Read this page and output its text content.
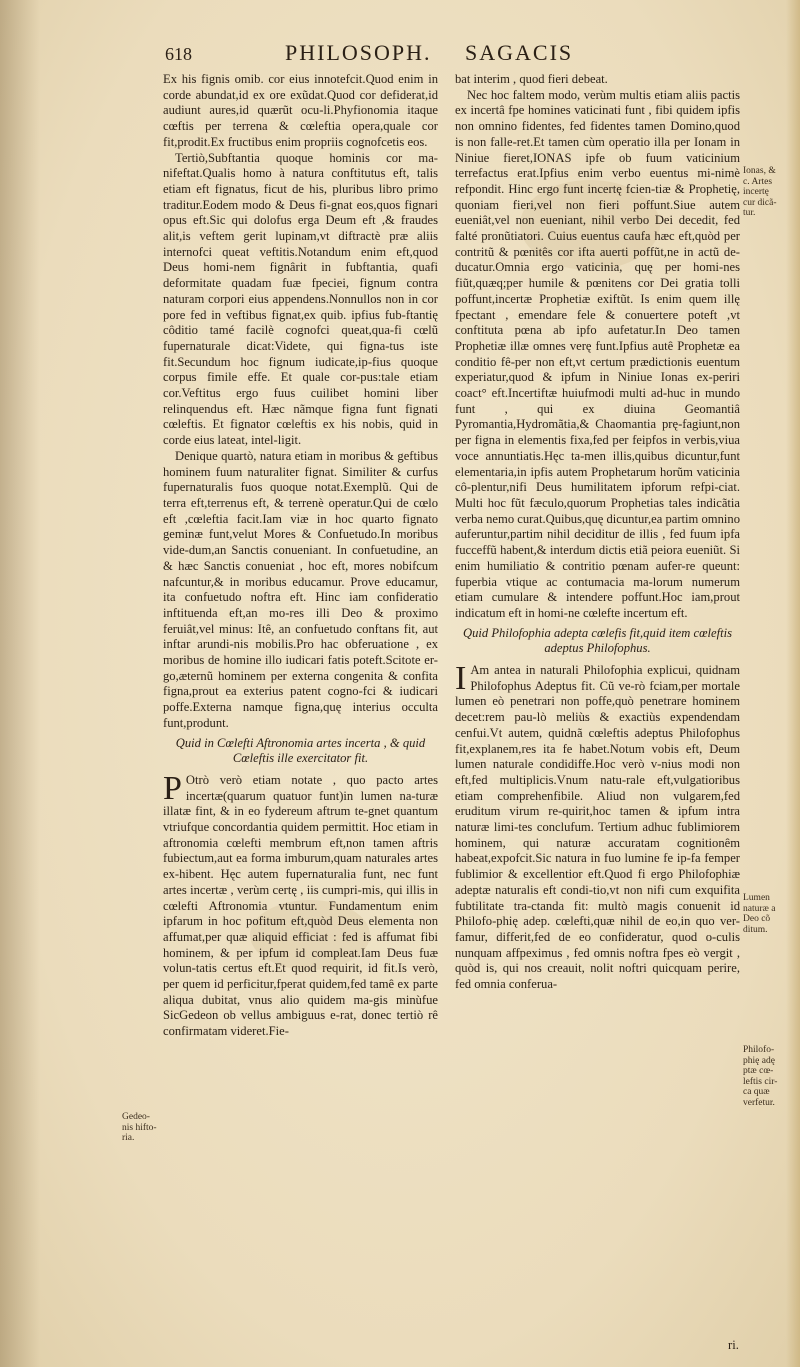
618	PHILOSOPH. SAGACIS

Ex his fignis omib. cor eius innotefcit.Quod enim in corde abundat,id ex ore exũdat.Quod cor defiderat,id audiunt aures,id quærũt ocu-li.Phyfionomia itaque cœftis per terrena & cœleftia opera,quale cor fit,prodit.Ex fructibus enim propriis cognofcetis eos.

Tertiò,Subftantia quoque hominis cor ma-nifeftat.Qualis homo à natura conftitutus eft, talis etiam eft fignatus, ficut de his, pluribus libro primo traditur.Eodem modo & Deus fi-gnat eos,quos fignari opus eft.Sic qui dolofus erga Deum eft ,& fraudes alit,is veftem gerit lupinam,vt diftractè præ aliis internofci queat veftitis.Notandum enim eft,quod Deus homi-nem fignârit in fubftantia, quafi deformitate quadam fuæ fpeciei, fignum contra naturam corpori eius appendens.Nonnullos non in cor pore fed in veftibus fignat,ex quib. ipfius fub-ftantię côditio tamé facilè cognofci queat,qua-fi cœlũ fupernaturale dicat:Videte, qui figna-tus iste fit.Secundum hoc fignum iudicate,ip-fius quoque corpus fimile effe. Et quale cor-pus:tale etiam cor.Veftitus ergo fuus cuilibet homini liber relinquendus eft. Hæc nãmque figna funt fignati cœleftis. Et fignator cœleftis ex his nobis, quid in corde eius lateat, intel-ligit.

Denique quartò, natura etiam in moribus & geftibus hominem fuum naturaliter fignat. Similiter & curfus fupernaturalis fuos quoque notat.Exemplũ. Qui de terra eft,terrenus eft, & terrenè operatur.Qui de cœlo eft ,cœleftia facit.Iam viæ in hoc quarto fignato geminæ funt,velut Mores & Confuetudo.In moribus vide-dum,an Sanctis conueniant. In confuetudine, an & hæc Sanctis conueniat , hoc eft, mores nobifcum nafcuntur,& in moribus educamur. Prove educamur, ita confuetudo noftra eft. Hinc iam confideratio inftituenda eft,an mo-res illi Deo & proximo feruiât,vel minus: Itê, an confuetudo conftans fit, aut inftar arundi-nis mobilis.Pro hac obferuatione , ex moribus de homine illo iudicari fatis poteft.Scitote er-go,æternũ hominem per externa congenita & confita figna,prout ea exterius patent cogno-fci & iudicari poffe.Externa namque figna,quę interius occulta funt,produnt.

Quid in Cœlefti Aftronomia artes incerta , & quid Cœleftis ille exercitator fit.

P Otrò verò etiam notate , quo pacto artes incertæ(quarum quatuor funt)in lumen na-turæ illatæ fint, & in eo fydereum aftrum te-gnet quantum vtriufque concordantia quidem permittit. Hoc etiam in aftronomia cœlefti membrum eft,non tamen aftris fubiectum,aut ea forma imburum,quam naturales artes ex-hibent. Hęc autem fupernaturalia funt, nec funt artes incertæ , verùm certę , iis cumpri-mis, qui illis in cœlefti Aftronomia vtuntur. Fundamentum enim ipfarum in hoc pofitum eft,quòd Deus elementa non affumat,per quæ aliquid efficiat : fed is affumat fibi hominem, & per ipfum id compleat.Iam Deus fuæ volun-tatis certus eft.Et quod requirit, id fit.Is verò, per quem id perficitur,fperat quidem,fed tamê ex parte aliqua dubitat, vnus alio quidem ma-gis minùfue SicGedeon ob vellus ambiguus e-rat, donec tertiò rê confirmatam videret.Fie-

Gedeo-nis hifto-ria.

bat interim , quod fieri debeat.

Nec hoc faltem modo, verùm multis etiam aliis pactis ex incertâ fpe homines vaticinati funt , fibi quidem ipfis non omnino fidentes, fed fidentes tamen Domino,quod is non falle-ret.Et tamen cùm operatio illa per Ionam in Niniue fieret,IONAS ipfe ob fuum vaticinium terrefactus erat.Ipfius enim verbo euentus mi-nimè refpondit. Hinc ergo funt incertę fcien-tiæ & Prophetię, quoniam fieri,vel non fieri poffunt.Siue autem eueniât,vel non eueniant, nihil verbo Dei decedit, fed falté pronũtiatori. Cuius euentus caufa hæc eft,quòd per contritũ & pœnitês cor ifta auerti poffũt,ne in actũ de-ducatur.Omnia ergo vaticinia, quę per homi-nes fiũt,quæq;per humile & pœnitens cor Dei gratia tolli poffunt,incertæ Prophetiæ exiftũt. Is enim quem illę fpectant , emendare fele & conuertere poteft ,vt conftituta pœna ab ipfo aufetatur.In Deo tamen Prophetiæ illæ omnes verę funt.Ipfius autê Prophetæ ea conditio fê-per non eft,vt certum prædictionis euentum experiatur,quod & ipfum in Niniue Ionas ex-periri coact° eft.Incertiftæ huiufmodi multi ad-huc in mundo funt , qui ex diuina Geomantiâ Pyromantia,Hydromãtia,& Chaomantia prę-fagiunt,non per figna in elementis fixa,fed per feipfos in verbis,viua voce annuntiatis.Hęc ta-men illis,quibus dicuntur,funt elementaria,in ipfis autem Prophetarum horũm vaticinia cô-plentur,nifi Deus humilitatem ipforum refpi-ciat. Multi hoc fũt fæculo,quorum Prophetias tales indicãtia verba nemo curat.Quibus,quę dicuntur,ea partim omnino auferuntur,partim nihil deciditur de illis , fed fuum ipfa fucceffũ habent,& interdum dictis etiã peiora eueniũt. Si enim humiliatio & contritio pœnam aufer-re queunt: fuperbia vtique ac contumacia ma-lorum numerum etiam cumulare & intendere poffunt.Hoc iam,prout indicatum eft in homi-ne cœlefte incertum eft.

Quid Philofophia adepta cœlefis fit,quid item cœleftis adeptus Philofophus.

I Am antea in naturali Philofophia explicui, quidnam Philofophus Adeptus fit. Cũ ve-rò fciam,per mortale lumen eò penetrari non poffe,quò penetrare hominem decet:rem pau-lò meliùs & exactiùs expendendam cenfui.Vt autem, quidnã cœleftis adeptus Philofophus fit,explanem,res ita fe habet.Notum vobis eft, Deum lumen naturale condidiffe.Hoc verò v-nius modi non eft,fed multiplicis.Vnum natu-rale eft,vulgatioribus etiam comprehenfibile. Aliud non vulgarem,fed eruditum virum re-quirit,hoc tamen & ipfum intra naturæ limi-tes conclufum. Tertium adhuc fublimiorem hominem, qui naturæ accuratam cognitionêm habeat,expofcit.Sic natura in fuo lumine fe ip-fa femper fublimior & excellentior eft.Quod fi ergo Philofophiæ adeptæ naturalis eft condi-tio,vt non nifi cum exquifita fubtilitate tra-ctanda fit: multò magis conuenit id Philofo-phię adep. cœlefti,quæ nihil de eo,in quo ver-famur, differit,fed de eo confideratur, quod o-culis nunquam affpeximus , fed omnis noftra fpes eò vergit , quòd is, qui nos creauit, nolit noftri quicquam perire, fed omnia conferua-

ri.
Ionas, & c. Artes incertę cur dicã-tur.
Lumen naturæ a Deo cõ ditum.
Philofo-phię adę ptæ cœ-leftis cir-ca quæ verfetur.
